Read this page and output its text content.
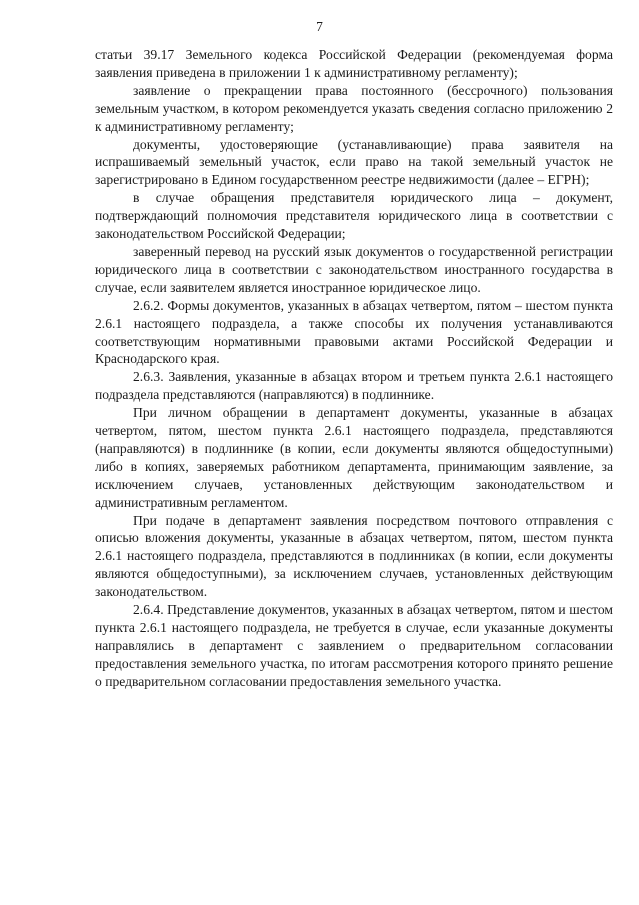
7

статьи 39.17 Земельного кодекса Российской Федерации (рекомендуемая форма заявления приведена в приложении 1 к административному регламенту);

заявление о прекращении права постоянного (бессрочного) пользования земельным участком, в котором рекомендуется указать сведения согласно приложению 2 к административному регламенту;

документы, удостоверяющие (устанавливающие) права заявителя на испрашиваемый земельный участок, если право на такой земельный участок не зарегистрировано в Едином государственном реестре недвижимости (далее – ЕГРН);

в случае обращения представителя юридического лица – документ, подтверждающий полномочия представителя юридического лица в соответствии с законодательством Российской Федерации;

заверенный перевод на русский язык документов о государственной регистрации юридического лица в соответствии с законодательством иностранного государства в случае, если заявителем является иностранное юридическое лицо.

2.6.2. Формы документов, указанных в абзацах четвертом, пятом – шестом пункта 2.6.1 настоящего подраздела, а также способы их получения устанавливаются соответствующим нормативными правовыми актами Российской Федерации и Краснодарского края.

2.6.3. Заявления, указанные в абзацах втором и третьем пункта 2.6.1 настоящего подраздела представляются (направляются) в подлиннике.

При личном обращении в департамент документы, указанные в абзацах четвертом, пятом, шестом пункта 2.6.1 настоящего подраздела, представляются (направляются) в подлиннике (в копии, если документы являются общедоступными) либо в копиях, заверяемых работником департамента, принимающим заявление, за исключением случаев, установленных действующим законодательством и административным регламентом.

При подаче в департамент заявления посредством почтового отправления с описью вложения документы, указанные в абзацах четвертом, пятом, шестом пункта 2.6.1 настоящего подраздела, представляются в подлинниках (в копии, если документы являются общедоступными), за исключением случаев, установленных действующим законодательством.

2.6.4. Представление документов, указанных в абзацах четвертом, пятом и шестом пункта 2.6.1 настоящего подраздела, не требуется в случае, если указанные документы направлялись в департамент с заявлением о предварительном согласовании предоставления земельного участка, по итогам рассмотрения которого принято решение о предварительном согласовании предоставления земельного участка.
